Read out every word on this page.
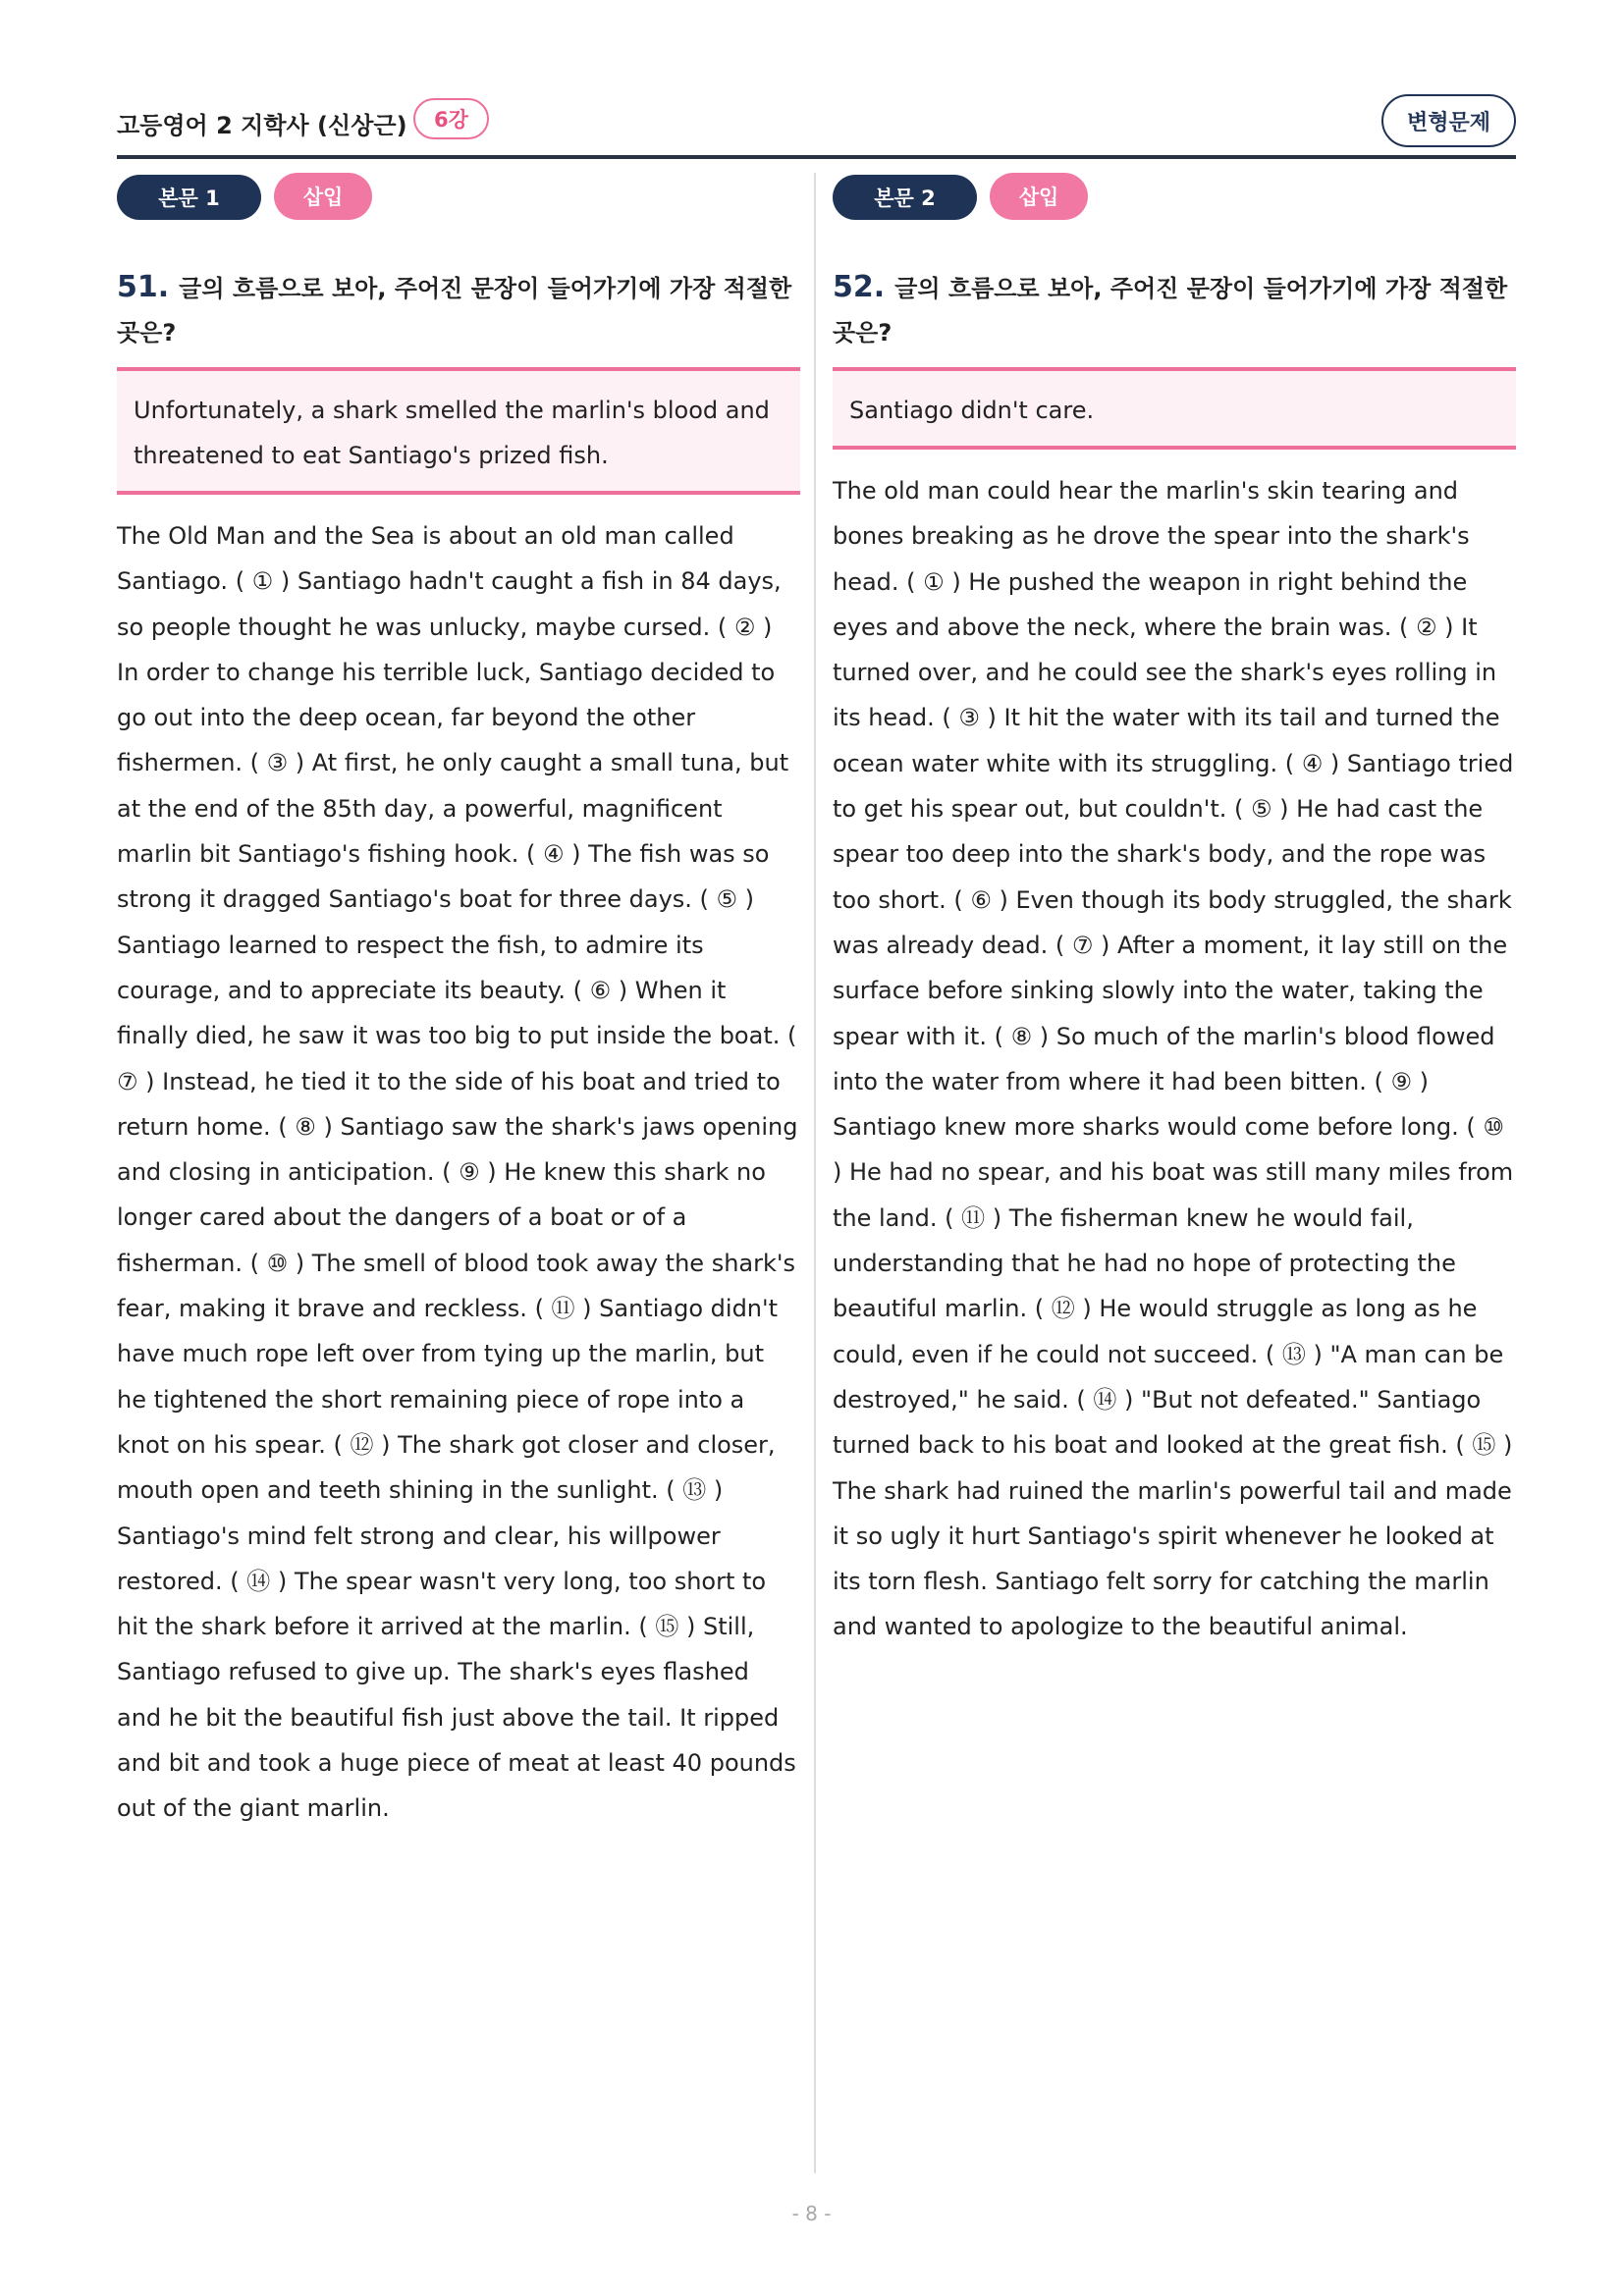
고등영어 2 지학사 (신상근)	6강	변형문제
본문 1	삽입
51. 글의 흐름으로 보아, 주어진 문장이 들어가기에 가장 적절한 곳은?
Unfortunately, a shark smelled the marlin's blood and threatened to eat Santiago's prized fish.
The Old Man and the Sea is about an old man called Santiago. ( ① ) Santiago hadn't caught a fish in 84 days, so people thought he was unlucky, maybe cursed. ( ② ) In order to change his terrible luck, Santiago decided to go out into the deep ocean, far beyond the other fishermen. ( ③ ) At first, he only caught a small tuna, but at the end of the 85th day, a powerful, magnificent marlin bit Santiago's fishing hook. ( ④ ) The fish was so strong it dragged Santiago's boat for three days. ( ⑤ ) Santiago learned to respect the fish, to admire its courage, and to appreciate its beauty. ( ⑥ ) When it finally died, he saw it was too big to put inside the boat. ( ⑦ ) Instead, he tied it to the side of his boat and tried to return home. ( ⑧ ) Santiago saw the shark's jaws opening and closing in anticipation. ( ⑨ ) He knew this shark no longer cared about the dangers of a boat or of a fisherman. ( ⑩ ) The smell of blood took away the shark's fear, making it brave and reckless. ( ⑪ ) Santiago didn't have much rope left over from tying up the marlin, but he tightened the short remaining piece of rope into a knot on his spear. ( ⑫ ) The shark got closer and closer, mouth open and teeth shining in the sunlight. ( ⑬ ) Santiago's mind felt strong and clear, his willpower restored. ( ⑭ ) The spear wasn't very long, too short to hit the shark before it arrived at the marlin. ( ⑮ ) Still, Santiago refused to give up. The shark's eyes flashed and he bit the beautiful fish just above the tail. It ripped and bit and took a huge piece of meat at least 40 pounds out of the giant marlin.
본문 2	삽입
52. 글의 흐름으로 보아, 주어진 문장이 들어가기에 가장 적절한 곳은?
Santiago didn't care.
The old man could hear the marlin's skin tearing and bones breaking as he drove the spear into the shark's head. ( ① ) He pushed the weapon in right behind the eyes and above the neck, where the brain was. ( ② ) It turned over, and he could see the shark's eyes rolling in its head. ( ③ ) It hit the water with its tail and turned the ocean water white with its struggling. ( ④ ) Santiago tried to get his spear out, but couldn't. ( ⑤ ) He had cast the spear too deep into the shark's body, and the rope was too short. ( ⑥ ) Even though its body struggled, the shark was already dead. ( ⑦ ) After a moment, it lay still on the surface before sinking slowly into the water, taking the spear with it. ( ⑧ ) So much of the marlin's blood flowed into the water from where it had been bitten. ( ⑨ ) Santiago knew more sharks would come before long. ( ⑩ ) He had no spear, and his boat was still many miles from the land. ( ⑪ ) The fisherman knew he would fail, understanding that he had no hope of protecting the beautiful marlin. ( ⑫ ) He would struggle as long as he could, even if he could not succeed. ( ⑬ ) "A man can be destroyed," he said. ( ⑭ ) "But not defeated." Santiago turned back to his boat and looked at the great fish. ( ⑮ ) The shark had ruined the marlin's powerful tail and made it so ugly it hurt Santiago's spirit whenever he looked at its torn flesh. Santiago felt sorry for catching the marlin and wanted to apologize to the beautiful animal.
- 8 -
